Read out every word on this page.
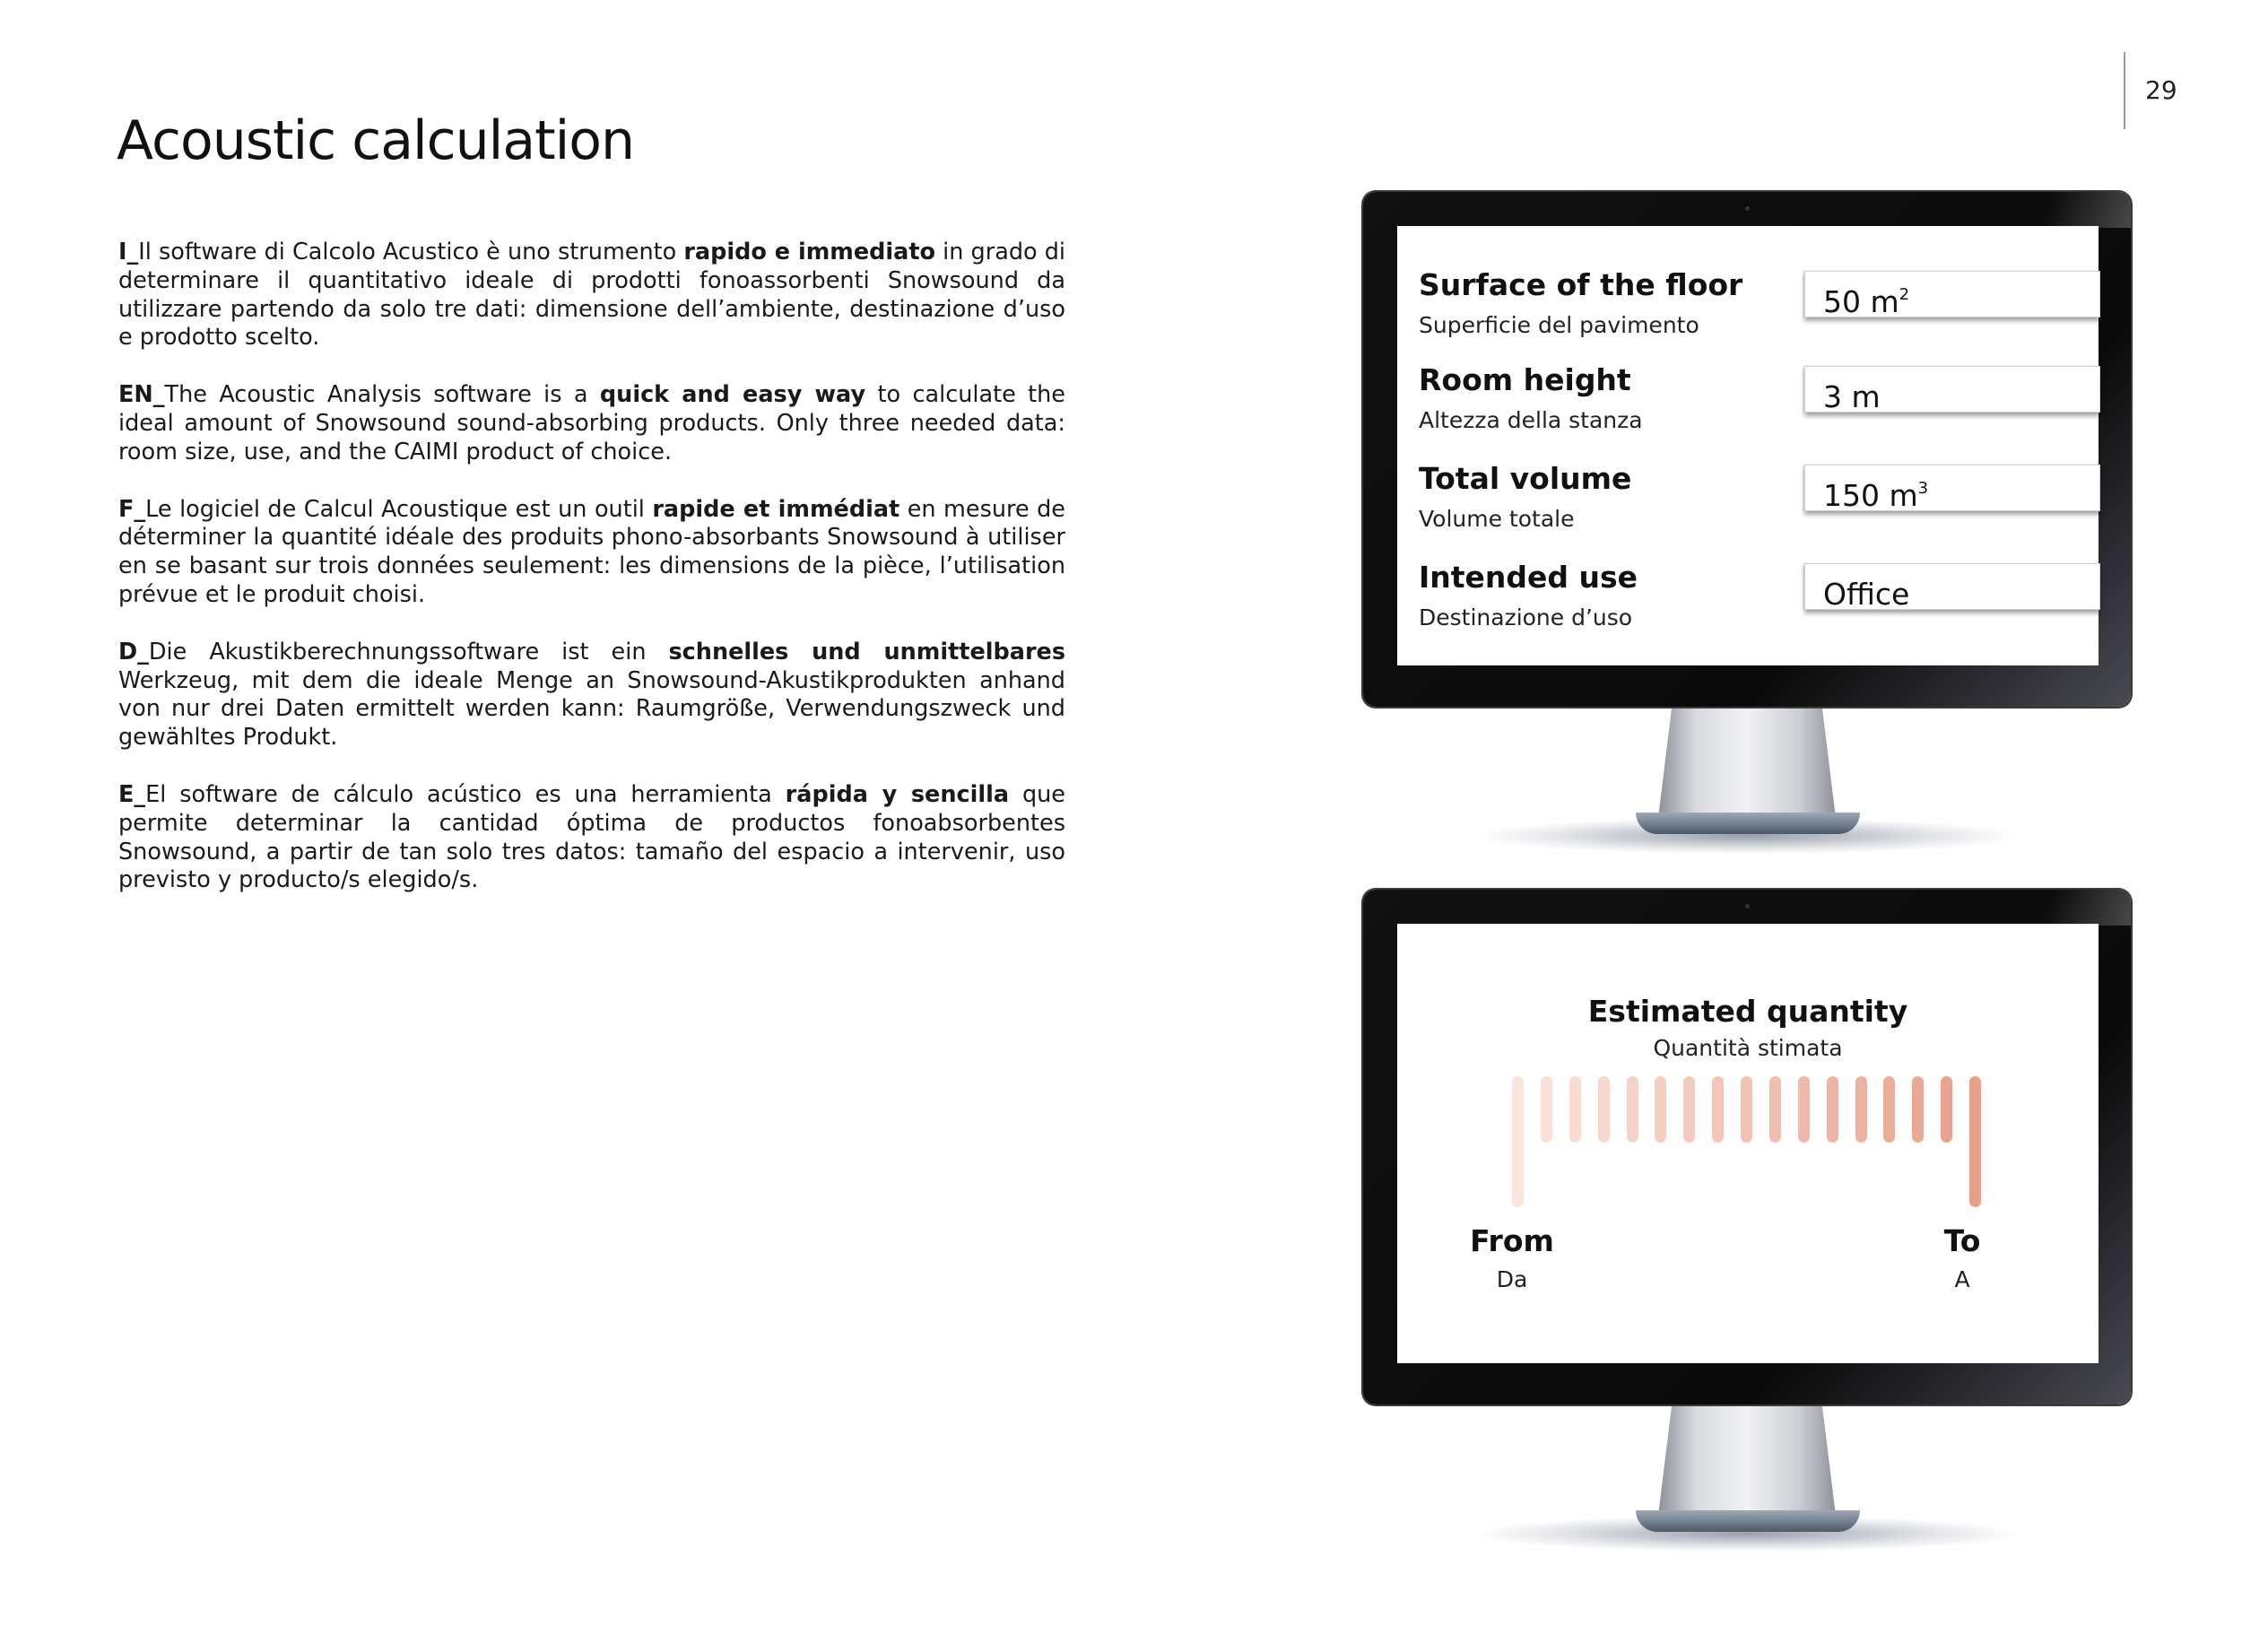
29
Acoustic calculation

I_Il software di Calcolo Acustico è uno strumento rapido e immediato in grado di determinare il quantitativo ideale di prodotti fonoassorbenti Snowsound da utilizzare partendo da solo tre dati: dimensione dell’ambiente, destinazione d’uso e prodotto scelto.

EN_The Acoustic Analysis software is a quick and easy way to calculate the ideal amount of Snowsound sound-absorbing products. Only three needed data: room size, use, and the CAIMI product of choice.

F_Le logiciel de Calcul Acoustique est un outil rapide et immédiat en mesure de déterminer la quantité idéale des produits phono-absorbants Snowsound à utiliser en se basant sur trois données seulement: les dimensions de la pièce, l’utilisation prévue et le produit choisi.

D_Die Akustikberechnungssoftware ist ein schnelles und unmittelbares Werkzeug, mit dem die ideale Menge an Snowsound-Akustikprodukten anhand von nur drei Daten ermittelt werden kann: Raumgröße, Verwendungszweck und gewähltes Produkt.

E_El software de cálculo acústico es una herramienta rápida y sencilla que permite determinar la cantidad óptima de productos fonoabsorbentes Snowsound, a partir de tan solo tres datos: tamaño del espacio a intervenir, uso previsto y producto/s elegido/s.

Surface of the floor
Superficie del pavimento
50 $m^2$
Room height
Altezza della stanza
3 m
Total volume
Volume totale
150 $m^3$
Intended use
Destinazione d’uso
Office
Estimated quantity
Quantità stimata
From
Da
To
A
